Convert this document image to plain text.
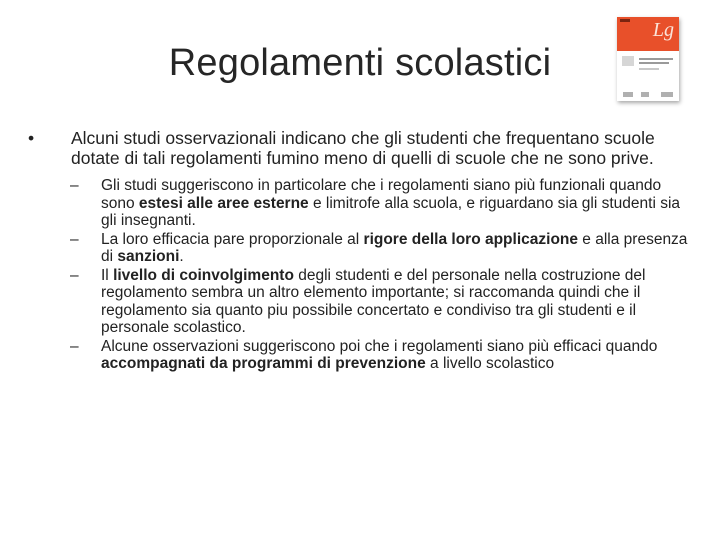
Regolamenti scolastici
Lg
• Alcuni studi osservazionali indicano che gli studenti che frequentano scuole dotate di tali regolamenti fumino meno di quelli di scuole che ne sono prive.
– Gli studi suggeriscono in particolare che i regolamenti siano più funzionali quando sono estesi alle aree esterne e limitrofe alla scuola, e riguardano sia gli studenti sia gli insegnanti.
– La loro efficacia pare proporzionale al rigore della loro applicazione e alla presenza di sanzioni.
– Il livello di coinvolgimento degli studenti e del personale nella costruzione del regolamento sembra un altro elemento importante; si raccomanda quindi che il regolamento sia quanto piu possibile concertato e condiviso tra gli studenti e il personale scolastico.
– Alcune osservazioni suggeriscono poi che i regolamenti siano più efficaci quando accompagnati da programmi di prevenzione a livello scolastico
